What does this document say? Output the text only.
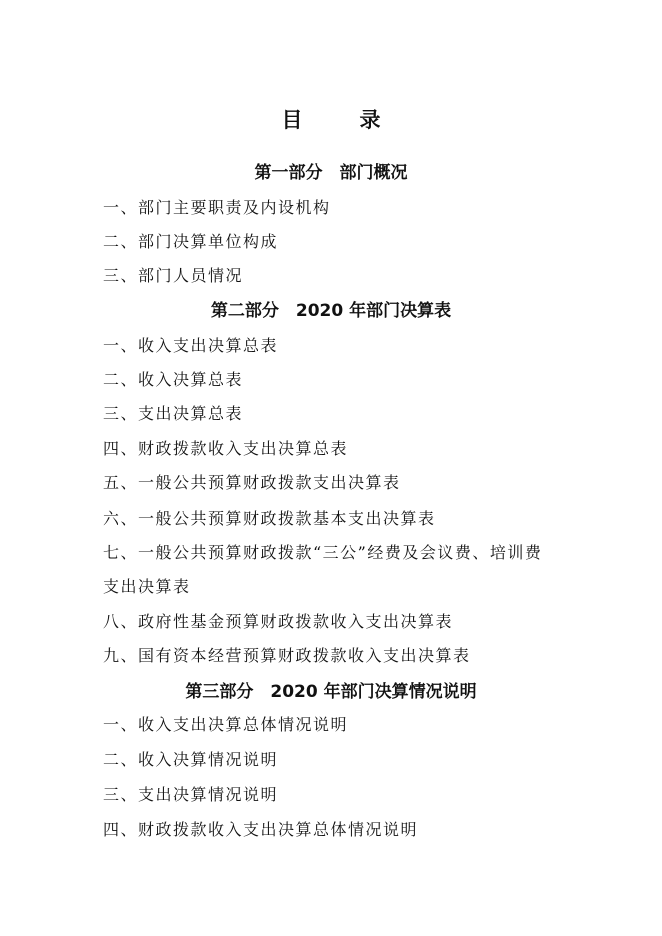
目　录
第一部分　部门概况
一、部门主要职责及内设机构
二、部门决算单位构成
三、部门人员情况
第二部分　2020 年部门决算表
一、收入支出决算总表
二、收入决算总表
三、支出决算总表
四、财政拨款收入支出决算总表
五、一般公共预算财政拨款支出决算表
六、一般公共预算财政拨款基本支出决算表
七、一般公共预算财政拨款“三公”经费及会议费、培训费
支出决算表
八、政府性基金预算财政拨款收入支出决算表
九、国有资本经营预算财政拨款收入支出决算表
第三部分　2020 年部门决算情况说明
一、收入支出决算总体情况说明
二、收入决算情况说明
三、支出决算情况说明
四、财政拨款收入支出决算总体情况说明
